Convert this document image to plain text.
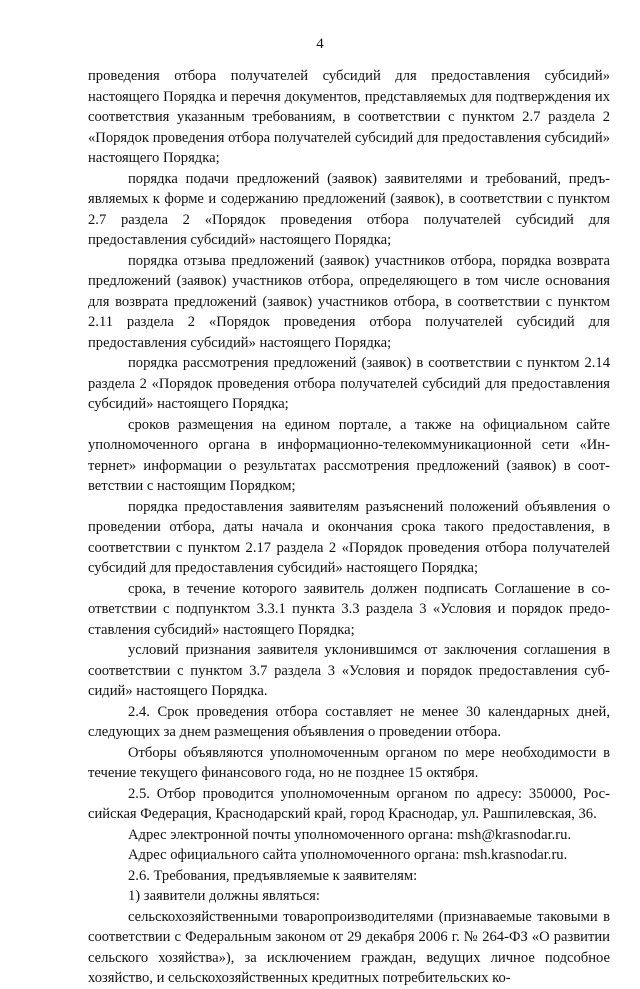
4

проведения отбора получателей субсидий для предоставления субсидий» настоящего Порядка и перечня документов, представляемых для подтверждения их соответствия указанным требованиям, в соответствии с пунктом 2.7 раздела 2 «Порядок проведения отбора получателей субсидий для предоставления субсидий» настоящего Порядка;

порядка подачи предложений (заявок) заявителями и требований, предъявляемых к форме и содержанию предложений (заявок), в соответствии с пунктом 2.7 раздела 2 «Порядок проведения отбора получателей субсидий для предоставления субсидий» настоящего Порядка;

порядка отзыва предложений (заявок) участников отбора, порядка возврата предложений (заявок) участников отбора, определяющего в том числе основания для возврата предложений (заявок) участников отбора, в соответствии с пунктом 2.11 раздела 2 «Порядок проведения отбора получателей субсидий для предоставления субсидий» настоящего Порядка;

порядка рассмотрения предложений (заявок) в соответствии с пунктом 2.14 раздела 2 «Порядок проведения отбора получателей субсидий для предоставления субсидий» настоящего Порядка;

сроков размещения на едином портале, а также на официальном сайте уполномоченного органа в информационно-телекоммуникационной сети «Интернет» информации о результатах рассмотрения предложений (заявок) в соответствии с настоящим Порядком;

порядка предоставления заявителям разъяснений положений объявления о проведении отбора, даты начала и окончания срока такого предоставления, в соответствии с пунктом 2.17 раздела 2 «Порядок проведения отбора получателей субсидий для предоставления субсидий» настоящего Порядка;

срока, в течение которого заявитель должен подписать Соглашение в соответствии с подпунктом 3.3.1 пункта 3.3 раздела 3 «Условия и порядок предоставления субсидий» настоящего Порядка;

условий признания заявителя уклонившимся от заключения соглашения в соответствии с пунктом 3.7 раздела 3 «Условия и порядок предоставления субсидий» настоящего Порядка.

2.4. Срок проведения отбора составляет не менее 30 календарных дней, следующих за днем размещения объявления о проведении отбора.

Отборы объявляются уполномоченным органом по мере необходимости в течение текущего финансового года, но не позднее 15 октября.

2.5. Отбор проводится уполномоченным органом по адресу: 350000, Российская Федерация, Краснодарский край, город Краснодар, ул. Рашпилевская, 36.

Адрес электронной почты уполномоченного органа: msh@krasnodar.ru.

Адрес официального сайта уполномоченного органа: msh.krasnodar.ru.

2.6. Требования, предъявляемые к заявителям:

1) заявители должны являться:

сельскохозяйственными товаропроизводителями (признаваемые таковыми в соответствии с Федеральным законом от 29 декабря 2006 г. № 264-ФЗ «О развитии сельского хозяйства»), за исключением граждан, ведущих личное подсобное хозяйство, и сельскохозяйственных кредитных потребительских ко-
